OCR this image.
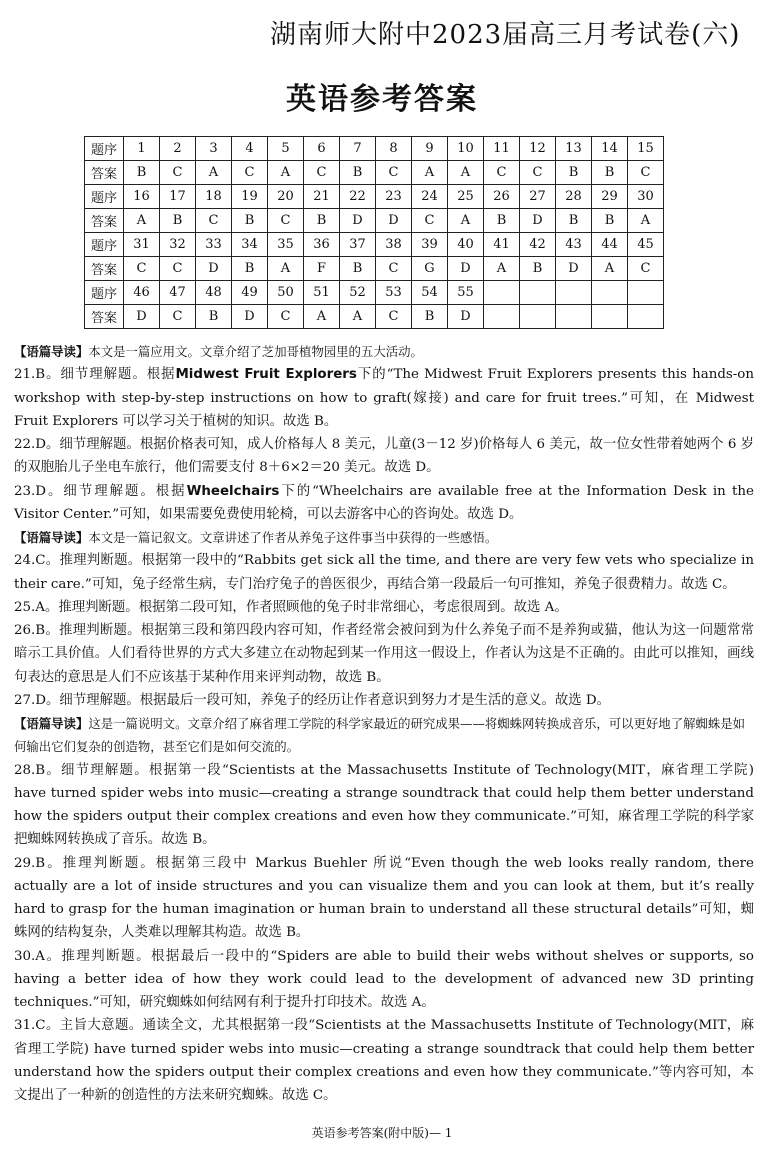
湖南师大附中2023届高三月考试卷(六)
英语参考答案
题序	1	2	3	4	5	6	7	8	9	10	11	12	13	14	15
答案	B	C	A	C	A	C	B	C	A	A	C	C	B	B	C
题序	16	17	18	19	20	21	22	23	24	25	26	27	28	29	30
答案	A	B	C	B	C	B	D	D	C	A	B	D	B	B	A
题序	31	32	33	34	35	36	37	38	39	40	41	42	43	44	45
答案	C	C	D	B	A	F	B	C	G	D	A	B	D	A	C
题序	46	47	48	49	50	51	52	53	54	55					
答案	D	C	B	D	C	A	A	C	B	D					

【语篇导读】本文是一篇应用文。文章介绍了芝加哥植物园里的五大活动。

21.B。细节理解题。根据Midwest Fruit Explorers下的“The Midwest Fruit Explorers presents this hands-on workshop with step-by-step instructions on how to graft(嫁接) and care for fruit trees.”可知，在 Midwest Fruit Explorers 可以学习关于植树的知识。故选 B。

22.D。细节理解题。根据价格表可知，成人价格每人 8 美元，儿童(3－12 岁)价格每人 6 美元，故一位女性带着她两个 6 岁的双胞胎儿子坐电车旅行，他们需要支付 8＋6×2＝20 美元。故选 D。

23.D。细节理解题。根据Wheelchairs下的“Wheelchairs are available free at the Information Desk in the Visitor Center.”可知，如果需要免费使用轮椅，可以去游客中心的咨询处。故选 D。

【语篇导读】本文是一篇记叙文。文章讲述了作者从养兔子这件事当中获得的一些感悟。

24.C。推理判断题。根据第一段中的“Rabbits get sick all the time, and there are very few vets who specialize in their care.”可知，兔子经常生病，专门治疗兔子的兽医很少，再结合第一段最后一句可推知，养兔子很费精力。故选 C。

25.A。推理判断题。根据第二段可知，作者照顾他的兔子时非常细心，考虑很周到。故选 A。

26.B。推理判断题。根据第三段和第四段内容可知，作者经常会被问到为什么养兔子而不是养狗或猫，他认为这一问题常常暗示工具价值。人们看待世界的方式大多建立在动物起到某一作用这一假设上，作者认为这是不正确的。由此可以推知，画线句表达的意思是人们不应该基于某种作用来评判动物，故选 B。

27.D。细节理解题。根据最后一段可知，养兔子的经历让作者意识到努力才是生活的意义。故选 D。

【语篇导读】这是一篇说明文。文章介绍了麻省理工学院的科学家最近的研究成果——将蜘蛛网转换成音乐，可以更好地了解蜘蛛是如何输出它们复杂的创造物，甚至它们是如何交流的。

28.B。细节理解题。根据第一段“Scientists at the Massachusetts Institute of Technology(MIT，麻省理工学院) have turned spider webs into music—creating a strange soundtrack that could help them better understand how the spiders output their complex creations and even how they communicate.”可知，麻省理工学院的科学家把蜘蛛网转换成了音乐。故选 B。

29.B。推理判断题。根据第三段中 Markus Buehler 所说“Even though the web looks really random, there actually are a lot of inside structures and you can visualize them and you can look at them, but it’s really hard to grasp for the human imagination or human brain to understand all these structural details”可知，蜘蛛网的结构复杂，人类难以理解其构造。故选 B。

30.A。推理判断题。根据最后一段中的“Spiders are able to build their webs without shelves or supports, so having a better idea of how they work could lead to the development of advanced new 3D printing techniques.”可知，研究蜘蛛如何结网有利于提升打印技术。故选 A。

31.C。主旨大意题。通读全文，尤其根据第一段“Scientists at the Massachusetts Institute of Technology(MIT，麻省理工学院) have turned spider webs into music—creating a strange soundtrack that could help them better understand how the spiders output their complex creations and even how they communicate.”等内容可知，本文提出了一种新的创造性的方法来研究蜘蛛。故选 C。

英语参考答案(附中版)— 1
